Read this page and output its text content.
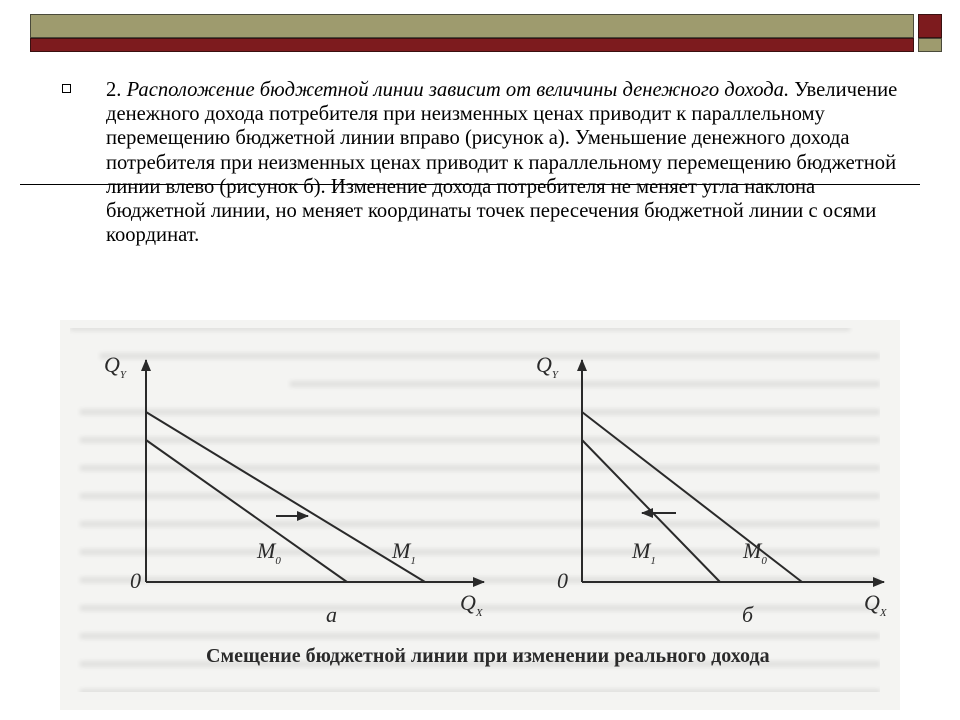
2. Расположение бюджетной линии зависит от величины денежного дохода. Увеличение денежного дохода потребителя при неизменных ценах приводит к параллельному перемещению бюджетной линии вправо (рисунок а). Уменьшение денежного дохода потребителя при неизменных ценах приводит к параллельному перемещению бюджетной линии влево (рисунок б). Изменение дохода потребителя не меняет угла наклона бюджетной линии, но меняет координаты точек пересечения бюджетной линии с осями координат.

$Q_Y$
0
$Q_X$
$M_0$	$M_1$
а
$Q_Y$
0
$Q_X$
$M_1$	$M_0$
б
Смещение бюджетной линии при изменении реального дохода
